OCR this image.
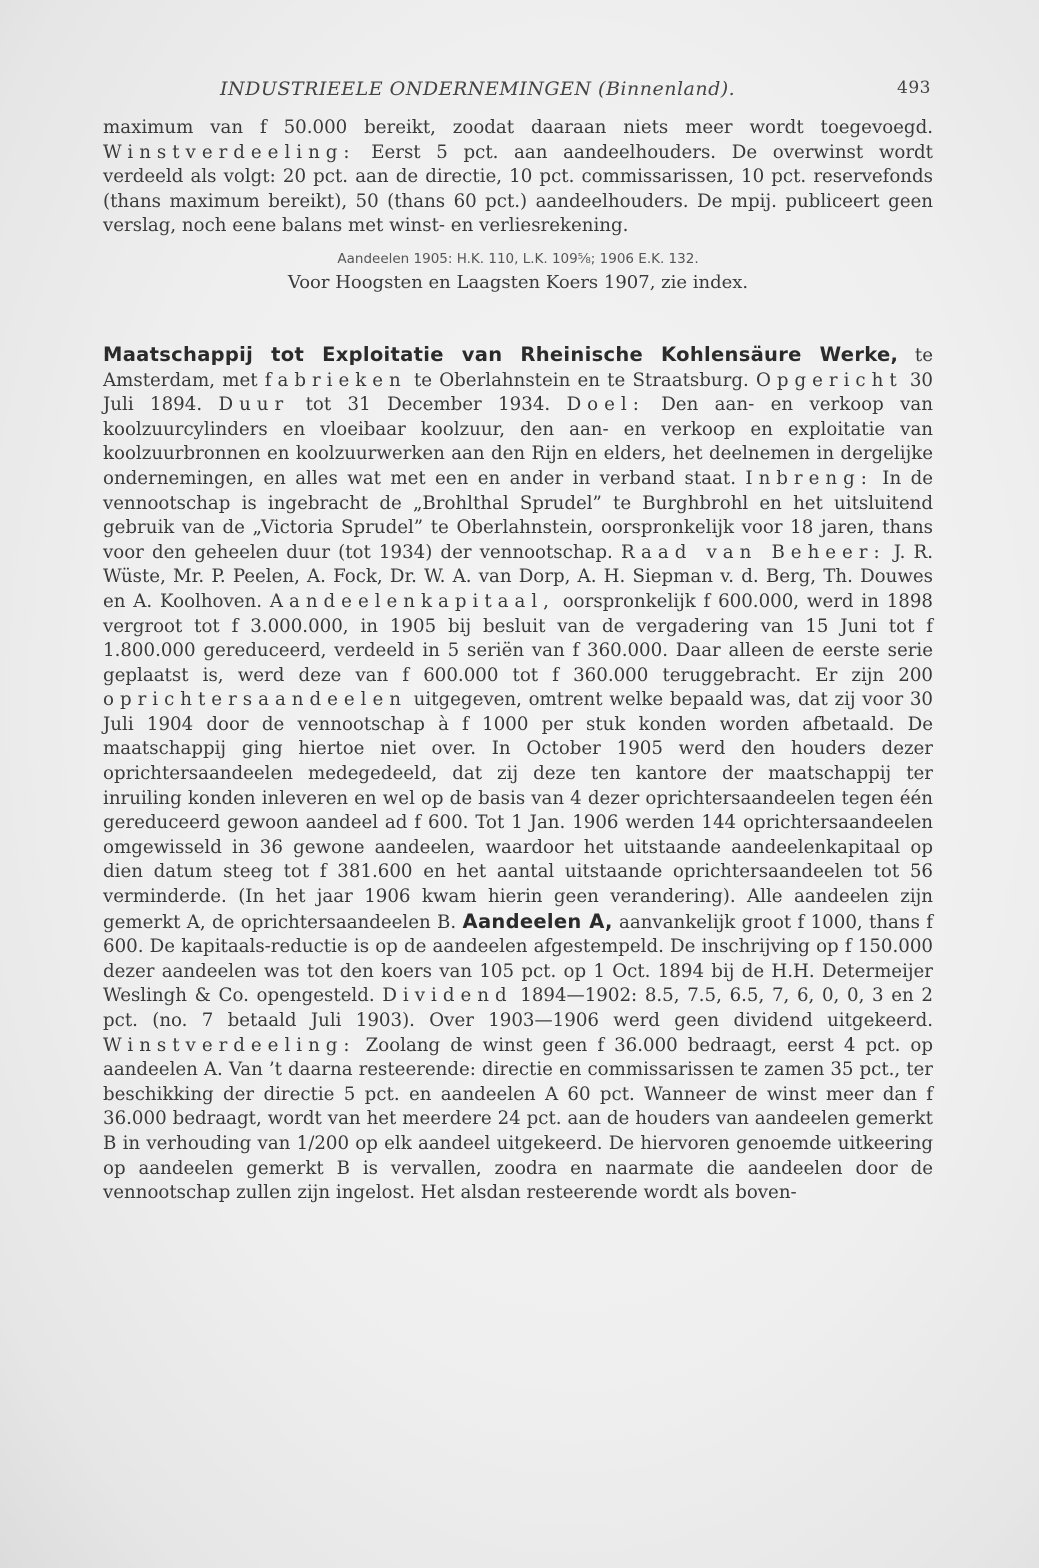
INDUSTRIEELE ONDERNEMINGEN (Binnenland).	493

maximum van f 50.000 bereikt, zoodat daaraan niets meer wordt toegevoegd. Winstverdeeling: Eerst 5 pct. aan aandeelhouders. De overwinst wordt verdeeld als volgt: 20 pct. aan de directie, 10 pct. commissarissen, 10 pct. reservefonds (thans maximum bereikt), 50 (thans 60 pct.) aandeelhouders. De mpij. publiceert geen verslag, noch eene balans met winst- en verliesrekening.

Aandeelen 1905: H.K. 110, L.K. 109⅝; 1906 E.K. 132.
Voor Hoogsten en Laagsten Koers 1907, zie index.

Maatschappij tot Exploitatie van Rheinische Kohlensäure Werke, te Amsterdam, met fabrieken te Oberlahnstein en te Straatsburg. Opgericht 30 Juli 1894. Duur tot 31 December 1934. Doel: Den aan- en verkoop van koolzuurcylinders en vloeibaar koolzuur, den aan- en verkoop en exploitatie van koolzuurbronnen en koolzuurwerken aan den Rijn en elders, het deelnemen in dergelijke ondernemingen, en alles wat met een en ander in verband staat. Inbreng: In de vennootschap is ingebracht de „Brohlthal Sprudel” te Burghbrohl en het uitsluitend gebruik van de „Victoria Sprudel” te Oberlahnstein, oorspronkelijk voor 18 jaren, thans voor den geheelen duur (tot 1934) der vennootschap. Raad van Beheer: J. R. Wüste, Mr. P. Peelen, A. Fock, Dr. W. A. van Dorp, A. H. Siepman v. d. Berg, Th. Douwes en A. Koolhoven. Aandeelenkapitaal, oorspronkelijk f 600.000, werd in 1898 vergroot tot f 3.000.000, in 1905 bij besluit van de vergadering van 15 Juni tot f 1.800.000 gereduceerd, verdeeld in 5 seriën van f 360.000. Daar alleen de eerste serie geplaatst is, werd deze van f 600.000 tot f 360.000 teruggebracht. Er zijn 200 oprichtersaandeelen uitgegeven, omtrent welke bepaald was, dat zij voor 30 Juli 1904 door de vennootschap à f 1000 per stuk konden worden afbetaald. De maatschappij ging hiertoe niet over. In October 1905 werd den houders dezer oprichtersaandeelen medegedeeld, dat zij deze ten kantore der maatschappij ter inruiling konden inleveren en wel op de basis van 4 dezer oprichtersaandeelen tegen één gereduceerd gewoon aandeel ad f 600. Tot 1 Jan. 1906 werden 144 oprichtersaandeelen omgewisseld in 36 gewone aandeelen, waardoor het uitstaande aandeelenkapitaal op dien datum steeg tot f 381.600 en het aantal uitstaande oprichtersaandeelen tot 56 verminderde. (In het jaar 1906 kwam hierin geen verandering). Alle aandeelen zijn gemerkt A, de oprichtersaandeelen B. Aandeelen A, aanvankelijk groot f 1000, thans f 600. De kapitaals-reductie is op de aandeelen afgestempeld. De inschrijving op f 150.000 dezer aandeelen was tot den koers van 105 pct. op 1 Oct. 1894 bij de H.H. Determeijer Weslingh & Co. opengesteld. Dividend 1894—1902: 8.5, 7.5, 6.5, 7, 6, 0, 0, 3 en 2 pct. (no. 7 betaald Juli 1903). Over 1903—1906 werd geen dividend uitgekeerd. Winstverdeeling: Zoolang de winst geen f 36.000 bedraagt, eerst 4 pct. op aandeelen A. Van ’t daarna resteerende: directie en commissarissen te zamen 35 pct., ter beschikking der directie 5 pct. en aandeelen A 60 pct. Wanneer de winst meer dan f 36.000 bedraagt, wordt van het meerdere 24 pct. aan de houders van aandeelen gemerkt B in verhouding van 1/200 op elk aandeel uitgekeerd. De hiervoren genoemde uitkeering op aandeelen gemerkt B is vervallen, zoodra en naarmate die aandeelen door de vennootschap zullen zijn ingelost. Het alsdan resteerende wordt als boven-
